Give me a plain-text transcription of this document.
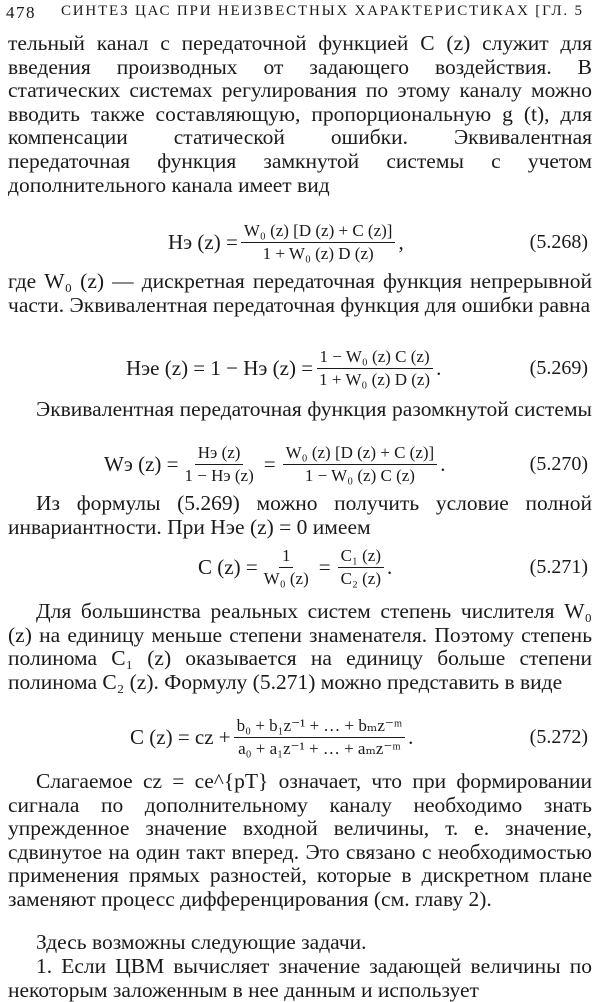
478 СИНТЕЗ ЦАС ПРИ НЕИЗВЕСТНЫХ ХАРАКТЕРИСТИКАХ [ГЛ. 5
тельный канал с передаточной функцией C (z) служит для введения производных от задающего воздействия. В статических системах регулирования по этому каналу можно вводить также составляющую, пропорциональную g (t), для компенсации статической ошибки. Эквивалентная передаточная функция замкнутой системы с учетом дополнительного канала имеет вид
Hэ $(z) = \frac{\text{W₀ (z) [D (z) + C (z)]}}{\text{1 + W₀ (z) D (z)}}$ ,	(5.268)
где W₀ (z) — дискретная передаточная функция непрерывной части. Эквивалентная передаточная функция для ошибки равна
Hэе (z) = 1 − Hэ $(z) = \frac{\text{1 − W₀ (z) C (z)}}{\text{1 + W₀ (z) D (z)}}$ .	(5.269)
Эквивалентная передаточная функция разомкнутой системы
Wэ $(z) = \frac{Hэ (z)}{1 - Hэ (z)} = \frac{\text{W₀ (z) [D (z) + C (z)]}}{\text{1 − W₀ (z) C (z)}}$ .	(5.270)
Из формулы (5.269) можно получить условие полной инвариантности. При Hэе (z) = 0 имеем
C $(z) = \frac{1}{\text{W₀ (z)}} = \frac{\text{C₁ (z)}}{\text{C₂ (z)}}$ .	(5.271)
Для большинства реальных систем степень числителя W₀ (z) на единицу меньше степени знаменателя. Поэтому степень полинома C₁ (z) оказывается на единицу больше степени полинома C₂ (z). Формулу (5.271) можно представить в виде
C (z) = cz + $\frac{\text{b₀ + b₁z⁻¹ + … + bₘz⁻ᵐ}}{\text{a₀ + a₁z⁻¹ + … + aₘz⁻ᵐ}}$ .	(5.272)
Слагаемое cz = ce^{pT} означает, что при формировании сигнала по дополнительному каналу необходимо знать упрежденное значение входной величины, т. е. значение, сдвинутое на один такт вперед. Это связано с необходимостью применения прямых разностей, которые в дискретном плане заменяют процесс дифференцирования (см. главу 2).
Здесь возможны следующие задачи.
1. Если ЦВМ вычисляет значение задающей величины по некоторым заложенным в нее данным и использует
